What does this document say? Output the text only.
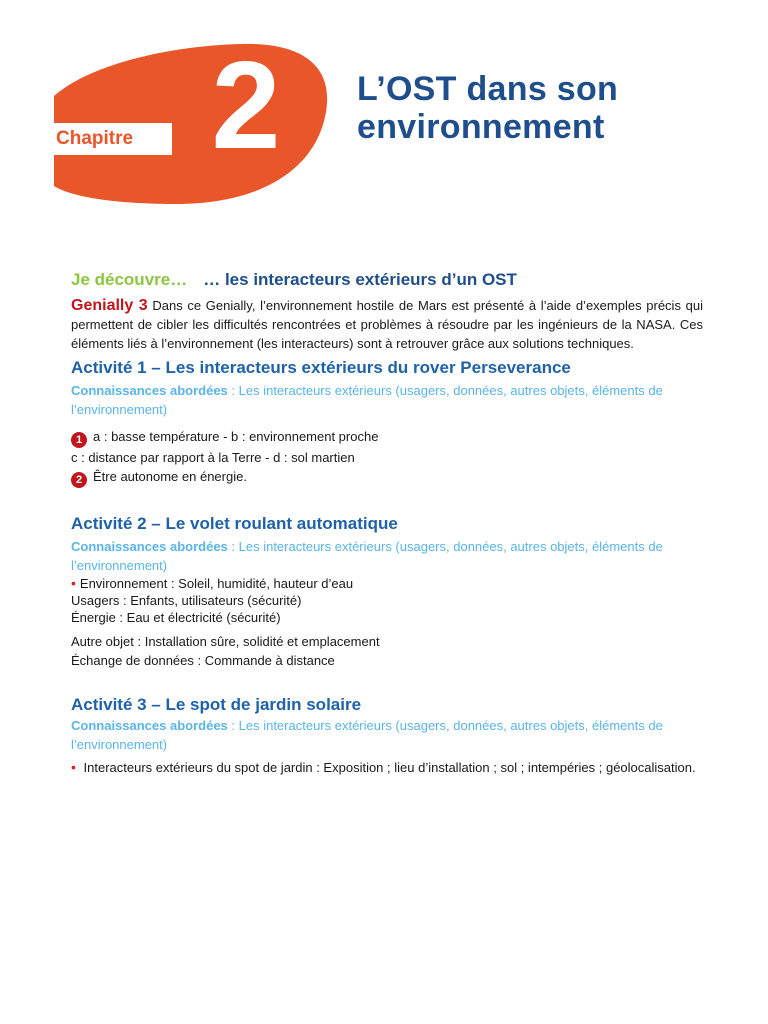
Chapitre 2 L’OST dans son
environnement

Je découvre… … les interacteurs extérieurs d’un OST

Genially 3 Dans ce Genially, l’environnement hostile de Mars est présenté à l’aide d’exemples précis qui permettent de cibler les difficultés rencontrées et problèmes à résoudre par les ingénieurs de la NASA. Ces éléments liés à l’environnement (les interacteurs) sont à retrouver grâce aux solutions techniques.

Activité 1 – Les interacteurs extérieurs du rover Perseverance

Connaissances abordées : Les interacteurs extérieurs (usagers, données, autres objets, éléments de l’environnement)

1 a : basse température - b : environnement proche

c : distance par rapport à la Terre - d : sol martien

2 Être autonome en énergie.

Activité 2 – Le volet roulant automatique

Connaissances abordées : Les interacteurs extérieurs (usagers, données, autres objets, éléments de l’environnement)

• Environnement : Soleil, humidité, hauteur d’eau

Usagers : Enfants, utilisateurs (sécurité)

Énergie : Eau et électricité (sécurité)

Autre objet : Installation sûre, solidité et emplacement

Échange de données : Commande à distance

Activité 3 – Le spot de jardin solaire

Connaissances abordées : Les interacteurs extérieurs (usagers, données, autres objets, éléments de l’environnement)

• Interacteurs extérieurs du spot de jardin : Exposition ; lieu d’installation ; sol ; intempéries ; géolocalisation.
